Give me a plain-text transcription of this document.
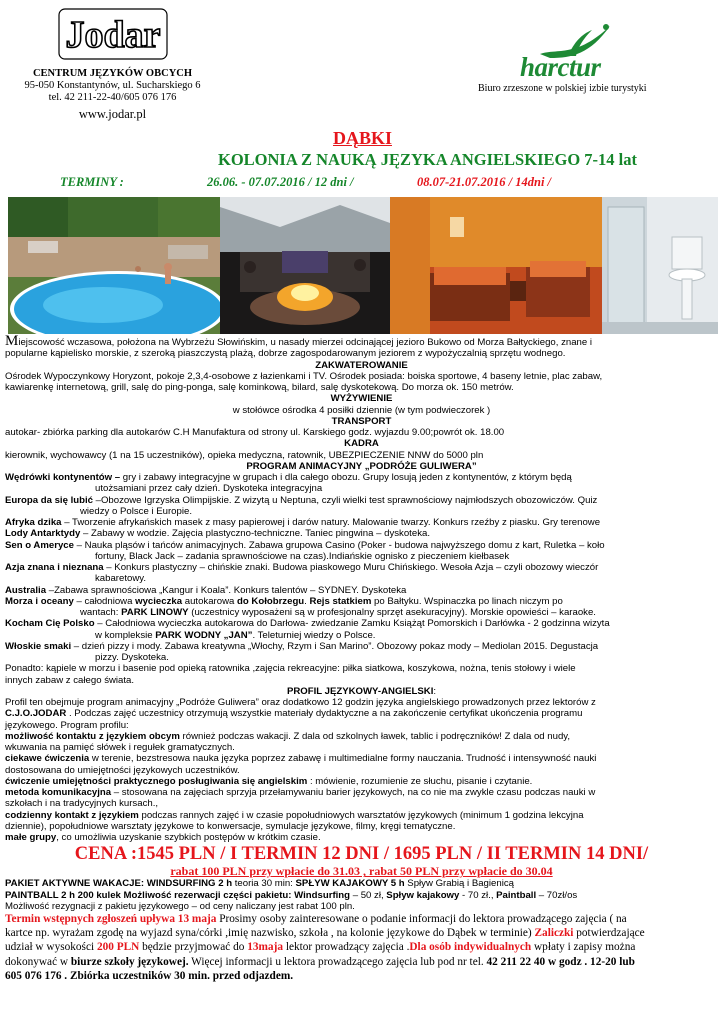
Jodar
CENTRUM JĘZYKÓW OBCYCH
95-050 Konstantynów, ul. Sucharskiego 6
tel. 42 211-22-40/605 076 176
www.jodar.pl
harctur
Biuro zrzeszone w polskiej izbie turystyki
DĄBKI
KOLONIA Z NAUKĄ JĘZYKA ANGIELSKIEGO 7-14 lat
TERMINY :	26.06. - 07.07.2016 / 12 dni /	08.07-21.07.2016 / 14dni /

Miejscowość wczasowa, położona na Wybrzeżu Słowińskim, u nasady mierzei odcinającej jezioro Bukowo od Morza Bałtyckiego, znane i

popularne kąpielisko morskie, z szeroką piaszczystą plażą, dobrze zagospodarowanym jeziorem z wypożyczalnią sprzętu wodnego.

ZAKWATEROWANIE

Ośrodek Wypoczynkowy Horyzont, pokoje 2,3,4-osobowe z łazienkami i TV. Ośrodek posiada: boiska sportowe, 4 baseny letnie, plac zabaw,

kawiarenkę internetową, grill, salę do ping-ponga, salę kominkową, bilard, salę dyskotekową. Do morza ok. 150 metrów.

WYŻYWIENIE

w stołówce ośrodka 4 posiłki dziennie (w tym podwieczorek )

TRANSPORT

autokar- zbiórka parking dla autokarów C.H Manufaktura od strony ul. Karskiego godz. wyjazdu 9.00;powrót ok. 18.00

KADRA

kierownik, wychowawcy (1 na 15 uczestników), opieka medyczna, ratownik, UBEZPIECZENIE NNW do 5000 pln

PROGRAM ANIMACYJNY „PODRÓŻE GULIWERA”

Wędrówki kontynentów – gry i zabawy integracyjne w grupach i dla całego obozu. Grupy losują jeden z kontynentów, z którym będą

utożsamiani przez cały dzień. Dyskoteka integracyjna

Europa da się lubić –Obozowe Igrzyska Olimpijskie. Z wizytą u Neptuna, czyli wielki test sprawnościowy najmłodszych obozowiczów. Quiz

wiedzy o Polsce i Europie.

Afryka dzika – Tworzenie afrykańskich masek z masy papierowej i darów natury. Malowanie twarzy. Konkurs rzeźby z piasku. Gry terenowe

Lody Antarktydy – Zabawy w wodzie. Zajęcia plastyczno-techniczne. Taniec pingwina – dyskoteka.

Sen o Ameryce – Nauka pląsów i tańców animacyjnych. Zabawa grupowa Casino (Poker - budowa najwyższego domu z kart, Ruletka – koło

fortuny, Black Jack – zadania sprawnościowe na czas).Indiańskie ognisko z pieczeniem kiełbasek

Azja znana i nieznana – Konkurs plastyczny – chińskie znaki. Budowa piaskowego Muru Chińskiego. Wesoła Azja – czyli obozowy wieczór

kabaretowy.

Australia –Zabawa sprawnościowa „Kangur i Koala”. Konkurs talentów – SYDNEY. Dyskoteka

Morza i oceany – całodniowa wycieczka autokarowa do Kołobrzegu. Rejs statkiem po Bałtyku. Wspinaczka po linach niczym po

wantach: PARK LINOWY (uczestnicy wyposażeni są w profesjonalny sprzęt asekuracyjny). Morskie opowieści – karaoke.

Kocham Cię Polsko – Całodniowa wycieczka autokarowa do Darłowa- zwiedzanie Zamku Książąt Pomorskich i Darłówka - 2 godzinna wizyta

w kompleksie PARK WODNY „JAN”. Teleturniej wiedzy o Polsce.

Włoskie smaki – dzień pizzy i mody. Zabawa kreatywna „Włochy, Rzym i San Marino”. Obozowy pokaz mody – Mediolan 2015. Degustacja

pizzy. Dyskoteka.

Ponadto: kąpiele w morzu i basenie pod opieką ratownika ,zajęcia rekreacyjne: piłka siatkowa, koszykowa, nożna, tenis stołowy i wiele

innych zabaw z całego świata.

PROFIL JĘZYKOWY-ANGIELSKI:

Profil ten obejmuje program animacyjny „Podróże Guliwera” oraz dodatkowo 12 godzin języka angielskiego prowadzonych przez lektorów z

C.J.O.JODAR . Podczas zajęć uczestnicy otrzymują wszystkie materiały dydaktyczne a na zakończenie certyfikat ukończenia programu

językowego. Program profilu:

możliwość kontaktu z językiem obcym również podczas wakacji. Z dala od szkolnych ławek, tablic i podręczników! Z dala od nudy,

wkuwania na pamięć słówek i regułek gramatycznych.

ciekawe ćwiczenia w terenie, bezstresowa nauka języka poprzez zabawę i multimedialne formy nauczania. Trudność i intensywność nauki

dostosowana do umiejętności językowych uczestników.

ćwiczenie umiejętności praktycznego posługiwania się angielskim : mówienie, rozumienie ze słuchu, pisanie i czytanie.

metoda komunikacyjna – stosowana na zajęciach sprzyja przełamywaniu barier językowych, na co nie ma zwykle czasu podczas nauki w

szkołach i na tradycyjnych kursach.,

codzienny kontakt z językiem podczas rannych zajęć i w czasie popołudniowych warsztatów językowych (minimum 1 godzina lekcyjna

dziennie), popołudniowe warsztaty językowe to konwersacje, symulacje językowe, filmy, kręgi tematyczne.

małe grupy, co umożliwia uzyskanie szybkich postępów w krótkim czasie.

CENA :1545 PLN / I TERMIN 12 DNI / 1695 PLN / II TERMIN 14 DNI/

rabat 100 PLN przy wpłacie do 31.03 , rabat 50 PLN przy wpłacie do 30.04

PAKIET AKTYWNE WAKACJE: WINDSURFING 2 h teoria 30 min: SPŁYW KAJAKOWY 5 h Spływ Grabią i Bagienicą

PAINTBALL 2 h 200 kulek Możliwość rezerwacji części pakietu: Windsurfing – 50 zł, Spływ kajakowy - 70 zł., Paintball – 70zł/os

Możliwość rezygnacji z pakietu językowego – od ceny naliczany jest rabat 100 pln.

Termin wstępnych zgłoszeń upływa 13 maja Prosimy osoby zainteresowane o podanie informacji do lektora prowadzącego zajęcia ( na

kartce np. wyrażam zgodę na wyjazd syna/córki ,imię nazwisko, szkoła , na kolonie językowe do Dąbek w terminie) Zaliczki potwierdzające

udział w wysokości 200 PLN będzie przyjmować do 13maja lektor prowadzący zajęcia .Dla osób indywidualnych wpłaty i zapisy można

dokonywać w biurze szkoły językowej. Więcej informacji u lektora prowadzącego zajęcia lub pod nr tel. 42 211 22 40 w godz . 12-20 lub

605 076 176 . Zbiórka uczestników 30 min. przed odjazdem.
